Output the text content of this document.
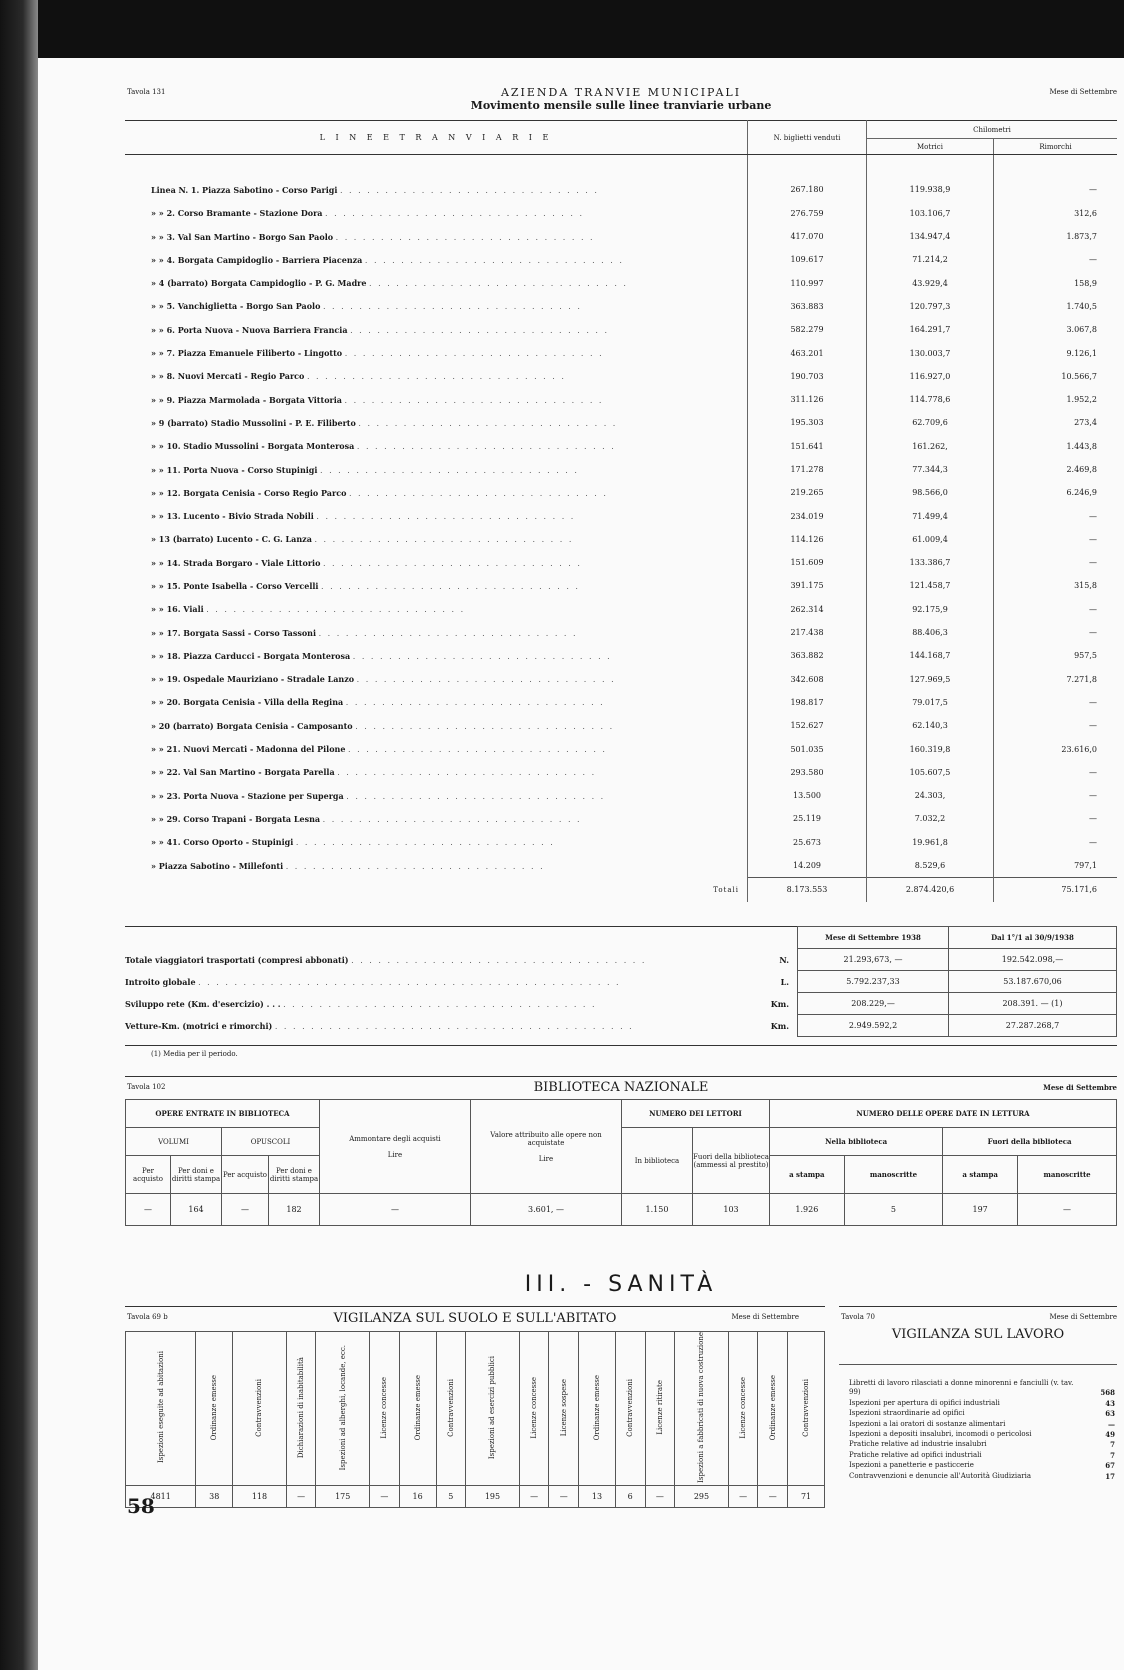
Tavola 131	AZIENDA TRANVIE MUNICIPALI
Movimento mensile sulle linee tranviarie urbane
Mese di Settembre
L I N E E T R A N V I A R I E	N. biglietti venduti	Chilometri	
		Motrici	Rimorchi

Linea N. 1. Piazza Sabotino - Corso Parigi . . . . . . . . . . . . . . . . . . . . . . . . . . . . .	267.180	119.938,9	—
» » 2. Corso Bramante - Stazione Dora . . . . . . . . . . . . . . . . . . . . . . . . . . . . .	276.759	103.106,7	312,6
» » 3. Val San Martino - Borgo San Paolo . . . . . . . . . . . . . . . . . . . . . . . . . . . . .	417.070	134.947,4	1.873,7
» » 4. Borgata Campidoglio - Barriera Piacenza . . . . . . . . . . . . . . . . . . . . . . . . . . . . .	109.617	71.214,2	—
» 4 (barrato) Borgata Campidoglio - P. G. Madre . . . . . . . . . . . . . . . . . . . . . . . . . . . . .	110.997	43.929,4	158,9
» » 5. Vanchiglietta - Borgo San Paolo . . . . . . . . . . . . . . . . . . . . . . . . . . . . .	363.883	120.797,3	1.740,5
» » 6. Porta Nuova - Nuova Barriera Francia . . . . . . . . . . . . . . . . . . . . . . . . . . . . .	582.279	164.291,7	3.067,8
» » 7. Piazza Emanuele Filiberto - Lingotto . . . . . . . . . . . . . . . . . . . . . . . . . . . . .	463.201	130.003,7	9.126,1
» » 8. Nuovi Mercati - Regio Parco . . . . . . . . . . . . . . . . . . . . . . . . . . . . .	190.703	116.927,0	10.566,7
» » 9. Piazza Marmolada - Borgata Vittoria . . . . . . . . . . . . . . . . . . . . . . . . . . . . .	311.126	114.778,6	1.952,2
» 9 (barrato) Stadio Mussolini - P. E. Filiberto . . . . . . . . . . . . . . . . . . . . . . . . . . . . .	195.303	62.709,6	273,4
» » 10. Stadio Mussolini - Borgata Monterosa . . . . . . . . . . . . . . . . . . . . . . . . . . . . .	151.641	161.262,	1.443,8
» » 11. Porta Nuova - Corso Stupinigi . . . . . . . . . . . . . . . . . . . . . . . . . . . . .	171.278	77.344,3	2.469,8
» » 12. Borgata Cenisia - Corso Regio Parco . . . . . . . . . . . . . . . . . . . . . . . . . . . . .	219.265	98.566,0	6.246,9
» » 13. Lucento - Bivio Strada Nobili . . . . . . . . . . . . . . . . . . . . . . . . . . . . .	234.019	71.499,4	—
» 13 (barrato) Lucento - C. G. Lanza . . . . . . . . . . . . . . . . . . . . . . . . . . . . .	114.126	61.009,4	—
» » 14. Strada Borgaro - Viale Littorio . . . . . . . . . . . . . . . . . . . . . . . . . . . . .	151.609	133.386,7	—
» » 15. Ponte Isabella - Corso Vercelli . . . . . . . . . . . . . . . . . . . . . . . . . . . . .	391.175	121.458,7	315,8
» » 16. Viali . . . . . . . . . . . . . . . . . . . . . . . . . . . . .	262.314	92.175,9	—
» » 17. Borgata Sassi - Corso Tassoni . . . . . . . . . . . . . . . . . . . . . . . . . . . . .	217.438	88.406,3	—
» » 18. Piazza Carducci - Borgata Monterosa . . . . . . . . . . . . . . . . . . . . . . . . . . . . .	363.882	144.168,7	957,5
» » 19. Ospedale Mauriziano - Stradale Lanzo . . . . . . . . . . . . . . . . . . . . . . . . . . . . .	342.608	127.969,5	7.271,8
» » 20. Borgata Cenisia - Villa della Regina . . . . . . . . . . . . . . . . . . . . . . . . . . . . .	198.817	79.017,5	—
» 20 (barrato) Borgata Cenisia - Camposanto . . . . . . . . . . . . . . . . . . . . . . . . . . . . .	152.627	62.140,3	—
» » 21. Nuovi Mercati - Madonna del Pilone . . . . . . . . . . . . . . . . . . . . . . . . . . . . .	501.035	160.319,8	23.616,0
» » 22. Val San Martino - Borgata Parella . . . . . . . . . . . . . . . . . . . . . . . . . . . . .	293.580	105.607,5	—
» » 23. Porta Nuova - Stazione per Superga . . . . . . . . . . . . . . . . . . . . . . . . . . . . .	13.500	24.303,	—
» » 29. Corso Trapani - Borgata Lesna . . . . . . . . . . . . . . . . . . . . . . . . . . . . .	25.119	7.032,2	—
» » 41. Corso Oporto - Stupinigi . . . . . . . . . . . . . . . . . . . . . . . . . . . . .	25.673	19.961,8	—
» Piazza Sabotino - Millefonti . . . . . . . . . . . . . . . . . . . . . . . . . . . . .	14.209	8.529,6	797,1
Totali	8.173.553	2.874.420,6	75.171,6
	Mese di Settembre 1938	Dal 1°/1 al 30/9/1938
Totale viaggiatori trasportati (compresi abbonati) . . . . . . . . . . . . . . . . . . . . . . . . . . . . . . . . . N.	21.293,673, —	192.542.098,—
Introito globale . . . . . . . . . . . . . . . . . . . . . . . . . . . . . . . . . . . . . . . . . . . . . . . L.	5.792.237,33	53.187.670,06
Sviluppo rete (Km. d'esercizio) . . . . . . . . . . . . . . . . . . . . . . . . . . . . . . . . . . . . . . Km.	208.229,—	208.391. — (1)
Vetture-Km. (motrici e rimorchi) . . . . . . . . . . . . . . . . . . . . . . . . . . . . . . . . . . . . . . . . Km.	2.949.592,2	27.287.268,7
(1) Media per il periodo.
Tavola 102	BIBLIOTECA NAZIONALE	Mese di Settembre
OPERE ENTRATE IN BIBLIOTECA				Ammontare degli acquisti

Lire	Valore attribuito alle opere non acquistate

Lire	NUMERO DEI LETTORI		NUMERO DELLE OPERE DATE IN LETTURA			
VOLUMI		OPUSCOLI				In biblioteca	Fuori della biblioteca (ammessi al prestito)	Nella biblioteca		Fuori della biblioteca	
Per acquisto	Per doni e diritti stampa	Per acquisto	Per doni e diritti stampa					a stampa	manoscritte	a stampa	manoscritte
—	164	—	182	—	3.601, —	1.150	103	1.926	5	197	—
III. - SANITÀ
Tavola 69 b	VIGILANZA SUL SUOLO E SULL'ABITATO	Mese di Settembre
Ispezioni eseguite ad abitazioni	Ordinanze emesse	Contravvenzioni	Dichiarazioni di inabitabilità	Ispezioni ad alberghi, locande, ecc.	Licenze concesse	Ordinanze emesse	Contravvenzioni	Ispezioni ad esercizi pubblici	Licenze concesse	Licenze sospese	Ordinanze emesse	Contravvenzioni	Licenze ritirate	Ispezioni a fabbricati di nuova costruzione	Licenze concesse	Ordinanze emesse	Contravvenzioni
4811	38	118	—	175	—	16	5	195	—	—	13	6	—	295	—	—	71
Tavola 70	Mese di Settembre
VIGILANZA SUL LAVORO
Libretti di lavoro rilasciati a donne minorenni e fanciulli (v. tav. 99)	568
Ispezioni per apertura di opifici industriali	43
Ispezioni straordinarie ad opifici	63
Ispezioni a lai oratori di sostanze alimentari	—
Ispezioni a depositi insalubri, incomodi o pericolosi	49
Pratiche relative ad industrie insalubri	7
Pratiche relative ad opifici industriali	7
Ispezioni a panetterie e pasticcerie	67
Contravvenzioni e denuncie all'Autorità Giudiziaria	17
58
